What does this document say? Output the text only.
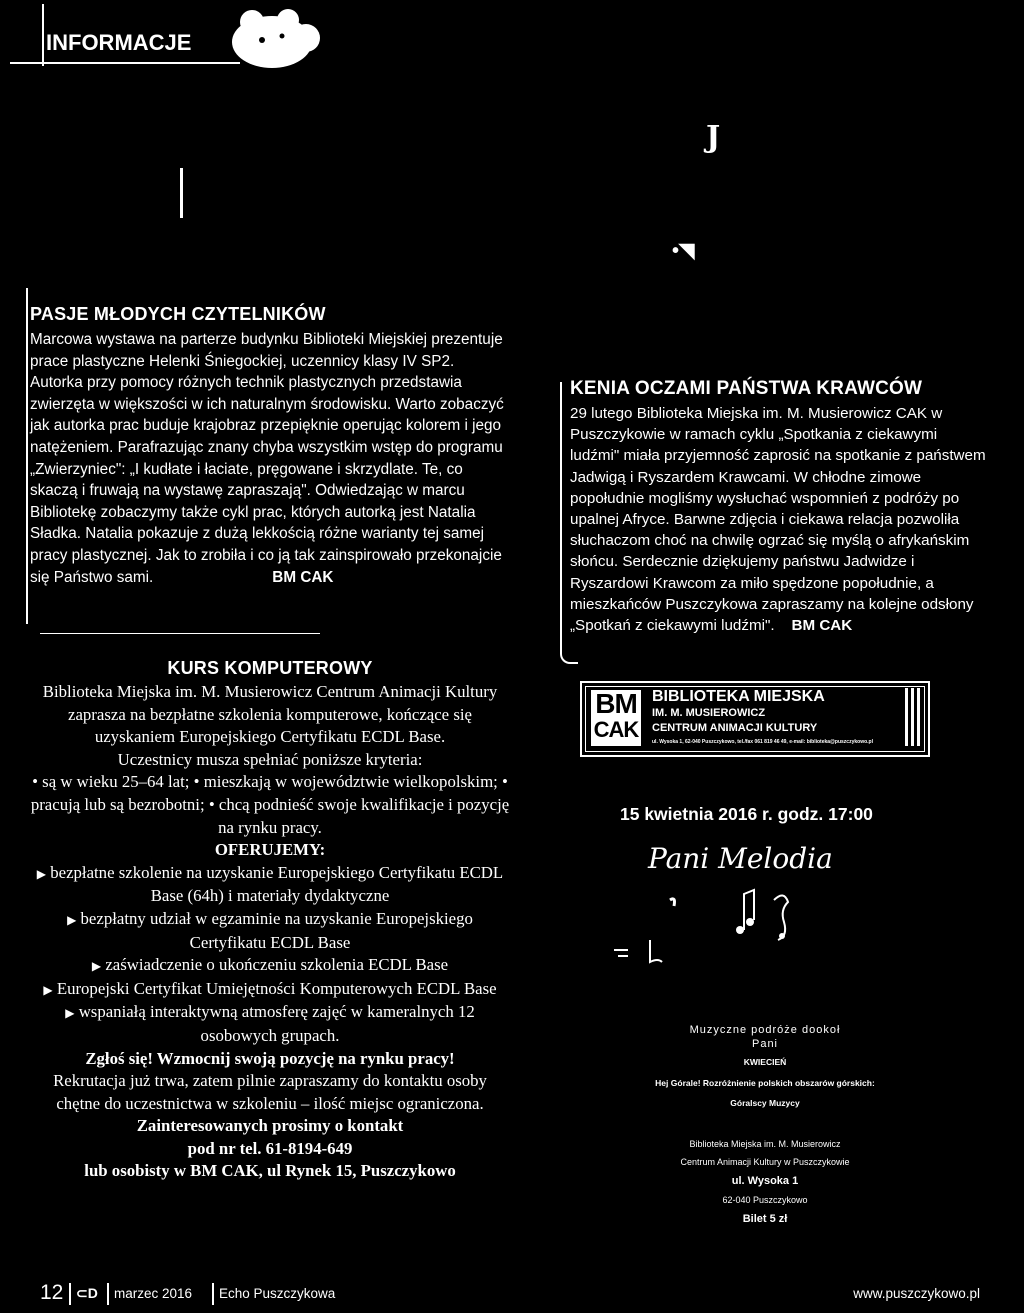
INFORMACJE
J
•◥
PASJE MŁODYCH CZYTELNIKÓW

Marcowa wystawa na parterze budynku Biblioteki Miejskiej prezentuje prace plastyczne Helenki Śniegockiej, uczennicy klasy IV SP2. Autorka przy pomocy różnych technik plastycznych przedstawia zwierzęta w większości w ich naturalnym środowisku. Warto zobaczyć jak autorka prac buduje krajobraz przepięknie operując kolorem i jego natężeniem. Parafrazując znany chyba wszystkim wstęp do programu „Zwierzyniec": „I kudłate i łaciate, pręgowane i skrzydlate. Te, co skaczą i fruwają na wystawę zapraszają". Odwiedzając w marcu Bibliotekę zobaczymy także cykl prac, których autorką jest Natalia Sładka. Natalia pokazuje z dużą lekkością różne warianty tej samej pracy plastycznej. Jak to zrobiła i co ją tak zainspirowało przekonajcie się Państwo sami.	BM CAK

KENIA OCZAMI PAŃSTWA KRAWCÓW

29 lutego Biblioteka Miejska im. M. Musierowicz CAK w Puszczykowie w ramach cyklu „Spotkania z ciekawymi ludźmi" miała przyjemność zaprosić na spotkanie z państwem Jadwigą i Ryszardem Krawcami. W chłodne zimowe popołudnie mogliśmy wysłuchać wspomnień z podróży po upalnej Afryce. Barwne zdjęcia i ciekawa relacja pozwoliła słuchaczom choć na chwilę ogrzać się myślą o afrykańskim słońcu. Serdecznie dziękujemy państwu Jadwidze i Ryszardowi Krawcom za miło spędzone popołudnie, a mieszkańców Puszczykowa zapraszamy na kolejne odsłony „Spotkań z ciekawymi ludźmi". BM CAK

KURS KOMPUTEROWY

Biblioteka Miejska im. M. Musierowicz Centrum Animacji Kultury zaprasza na bezpłatne szkolenia komputerowe, kończące się uzyskaniem Europejskiego Certyfikatu ECDL Base.

Uczestnicy musza spełniać poniższe kryteria:

• są w wieku 25–64 lat; • mieszkają w województwie wielkopolskim; • pracują lub są bezrobotni; • chcą podnieść swoje kwalifikacje i pozycję na rynku pracy.

OFERUJEMY:

▶ bezpłatne szkolenie na uzyskanie Europejskiego Certyfikatu ECDL Base (64h) i materiały dydaktyczne

▶ bezpłatny udział w egzaminie na uzyskanie Europejskiego Certyfikatu ECDL Base

▶ zaświadczenie o ukończeniu szkolenia ECDL Base

▶ Europejski Certyfikat Umiejętności Komputerowych ECDL Base

▶ wspaniałą interaktywną atmosferę zajęć w kameralnych 12 osobowych grupach.

Zgłoś się! Wzmocnij swoją pozycję na rynku pracy!

Rekrutacja już trwa, zatem pilnie zapraszamy do kontaktu osoby chętne do uczestnictwa w szkoleniu – ilość miejsc ograniczona.

Zainteresowanych prosimy o kontakt

pod nr tel. 61-8194-649

lub osobisty w BM CAK, ul Rynek 15, Puszczykowo

BM
CAK
BIBLIOTEKA MIEJSKA
IM. M. MUSIEROWICZ
CENTRUM ANIMACJI KULTURY
ul. Wysoka 1, 62-040 Puszczykowo, tel./fax 061 819 46 49, e-mail: biblioteka@puszczykowo.pl
15 kwietnia 2016 r. godz. 17:00
Pani Melodia
Muzyczne podróże dookoł
Pani
KWIECIEŃ
Hej Górale! Rozróżnienie polskich obszarów górskich:
Góralscy Muzycy
Biblioteka Miejska im. M. Musierowicz
Centrum Animacji Kultury w Puszczykowie
ul. Wysoka 1
62-040 Puszczykowo
Bilet 5 zł
12 ⊂D marzec 2016 Echo Puszczykowa	www.puszczykowo.pl
